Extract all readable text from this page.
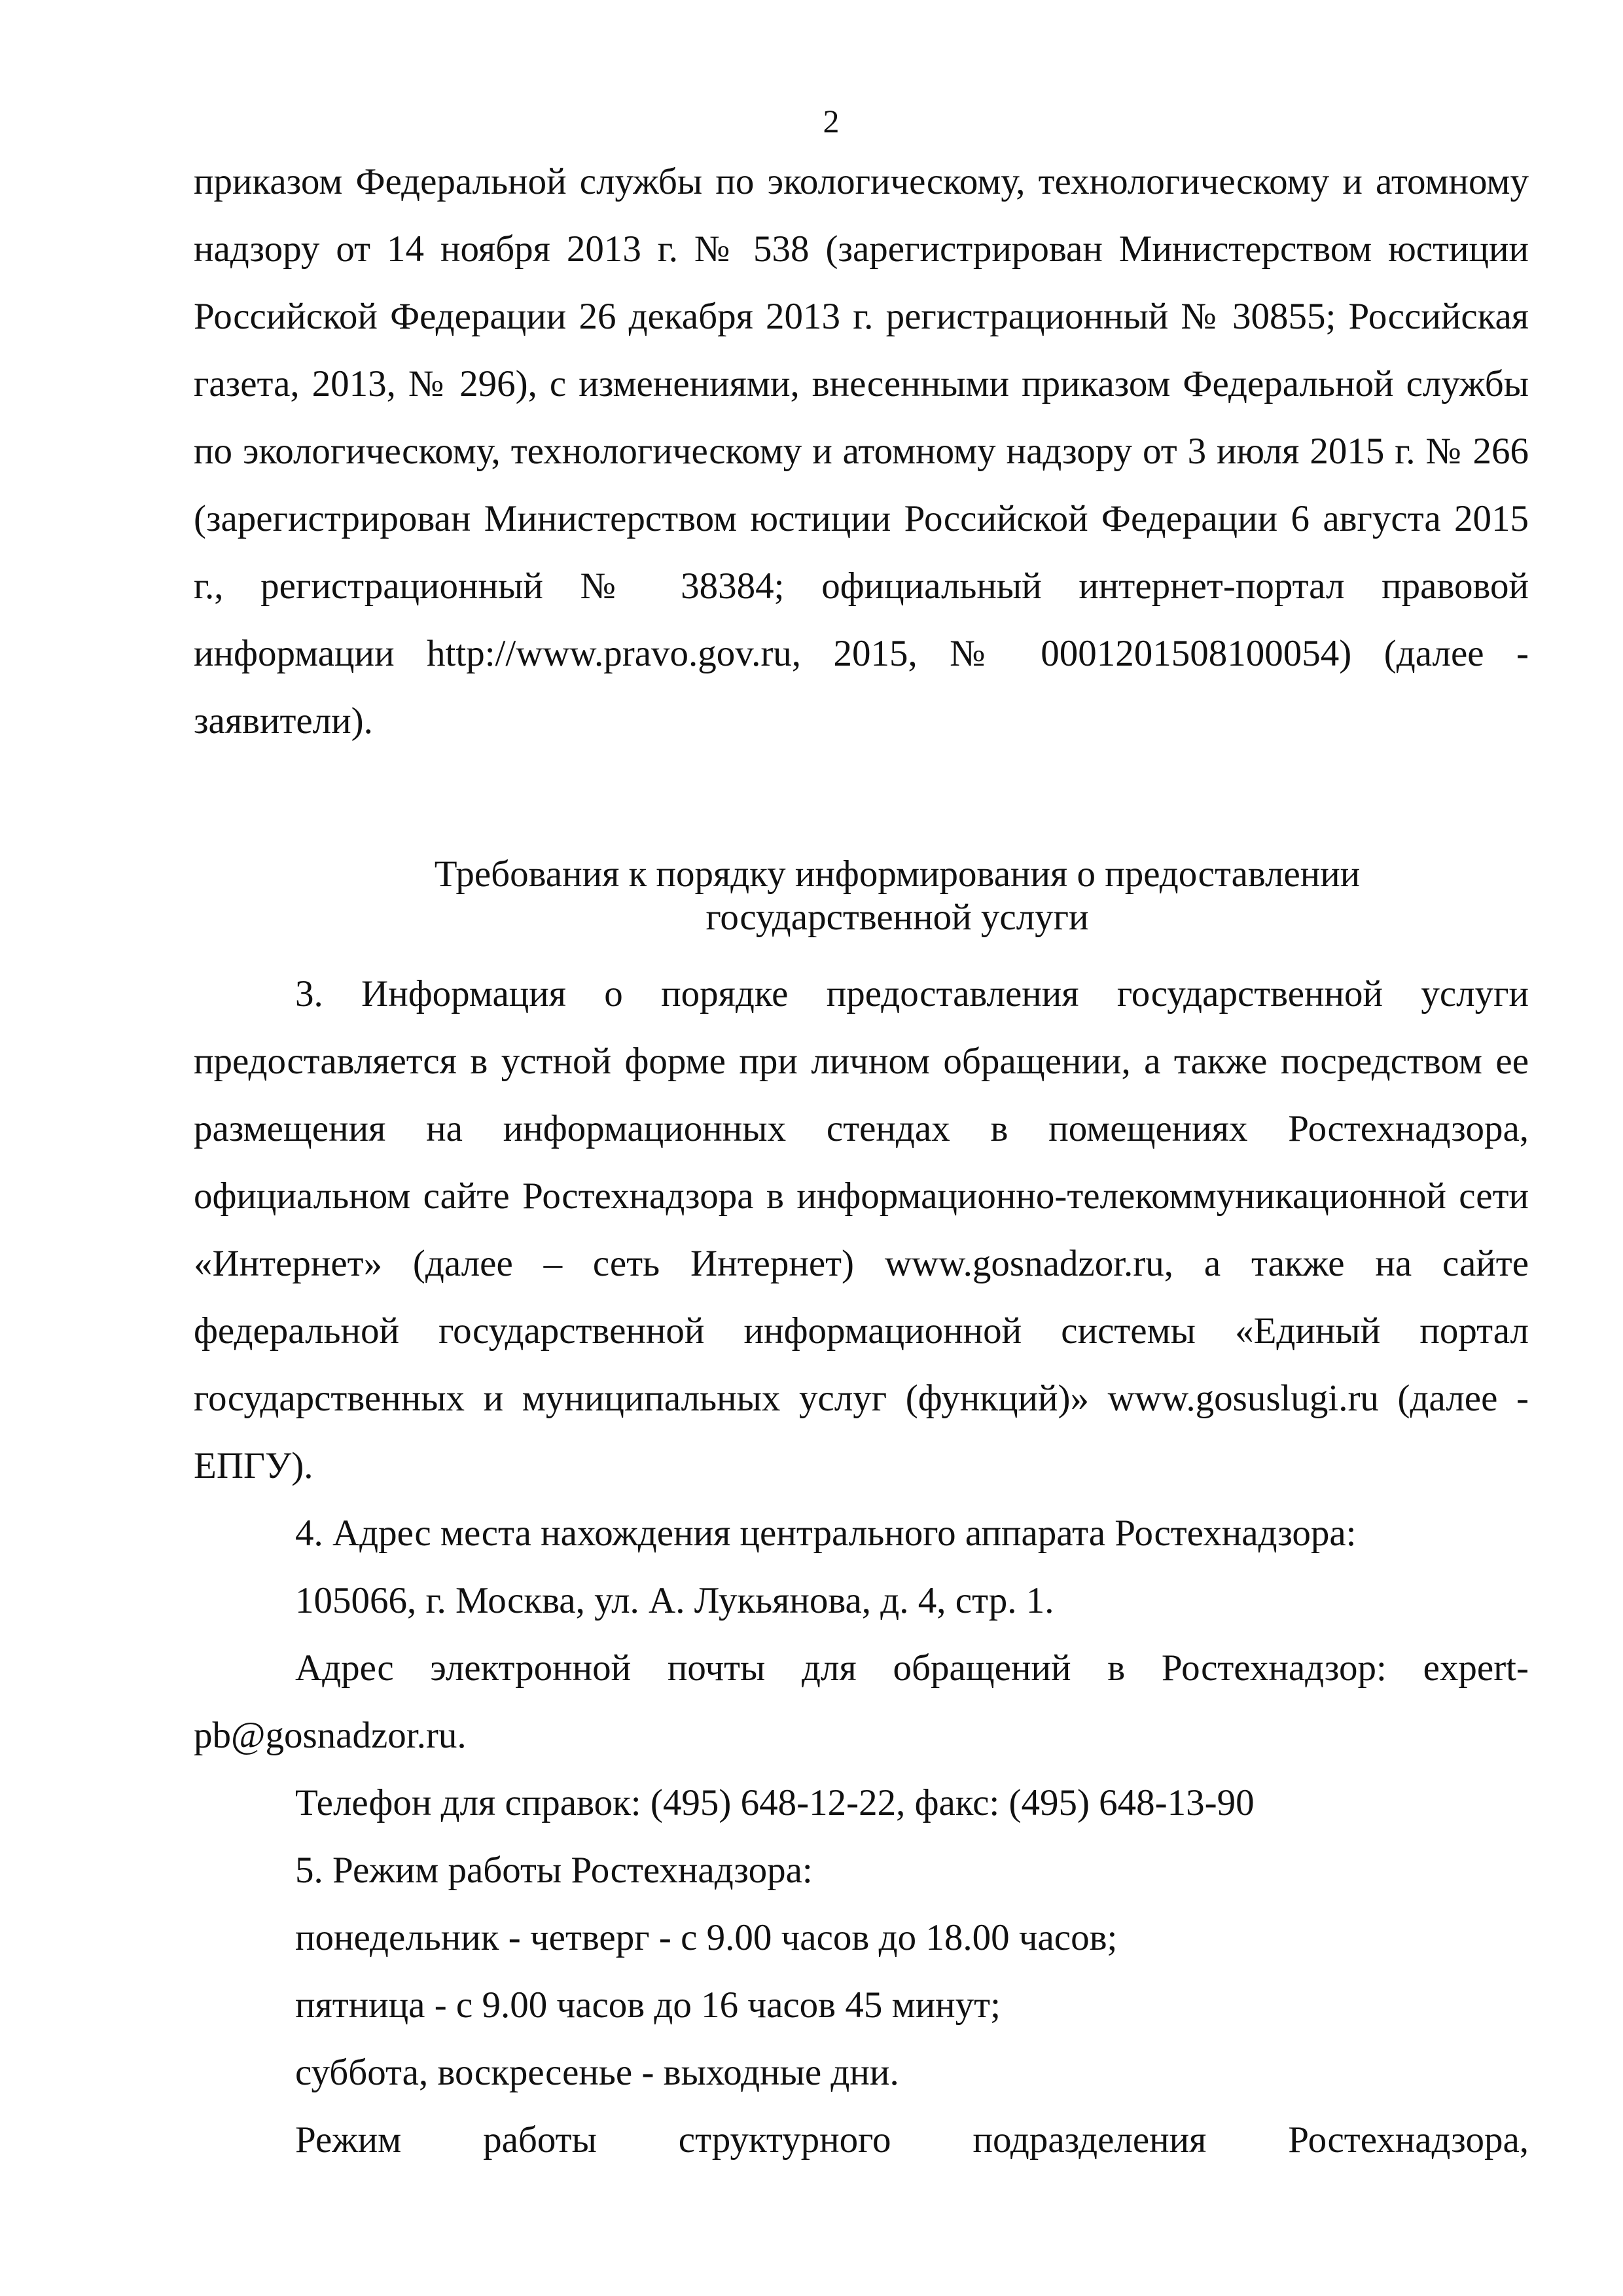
2

приказом Федеральной службы по экологическому, технологическому и атомному надзору от 14 ноября 2013 г. № 538 (зарегистрирован Министерством юстиции Российской Федерации 26 декабря 2013 г. регистрационный № 30855; Российская газета, 2013, № 296), с изменениями, внесенными приказом Федеральной службы по экологическому, технологическому и атомному надзору от 3 июля 2015 г. № 266 (зарегистрирован Министерством юстиции Российской Федерации 6 августа 2015 г., регистрационный № 38384; официальный интернет-портал правовой информации http://www.pravo.gov.ru, 2015, № 0001201508100054) (далее - заявители).

Требования к порядку информирования о предоставлении
государственной услуги

3. Информация о порядке предоставления государственной услуги предоставляется в устной форме при личном обращении, а также посредством ее размещения на информационных стендах в помещениях Ростехнадзора, официальном сайте Ростехнадзора в информационно-телекоммуникационной сети «Интернет» (далее – сеть Интернет) www.gosnadzor.ru, а также на сайте федеральной государственной информационной системы «Единый портал государственных и муниципальных услуг (функций)» www.gosuslugi.ru (далее - ЕПГУ).

4. Адрес места нахождения центрального аппарата Ростехнадзора:

105066, г. Москва, ул. А. Лукьянова, д. 4, стр. 1.

Адрес электронной почты для обращений в Ростехнадзор: expert-pb@gosnadzor.ru.

Телефон для справок: (495) 648-12-22, факс: (495) 648-13-90

5. Режим работы Ростехнадзора:

понедельник - четверг - с 9.00 часов до 18.00 часов;

пятница - с 9.00 часов до 16 часов 45 минут;

суббота, воскресенье - выходные дни.

Режим работы структурного подразделения Ростехнадзора,
